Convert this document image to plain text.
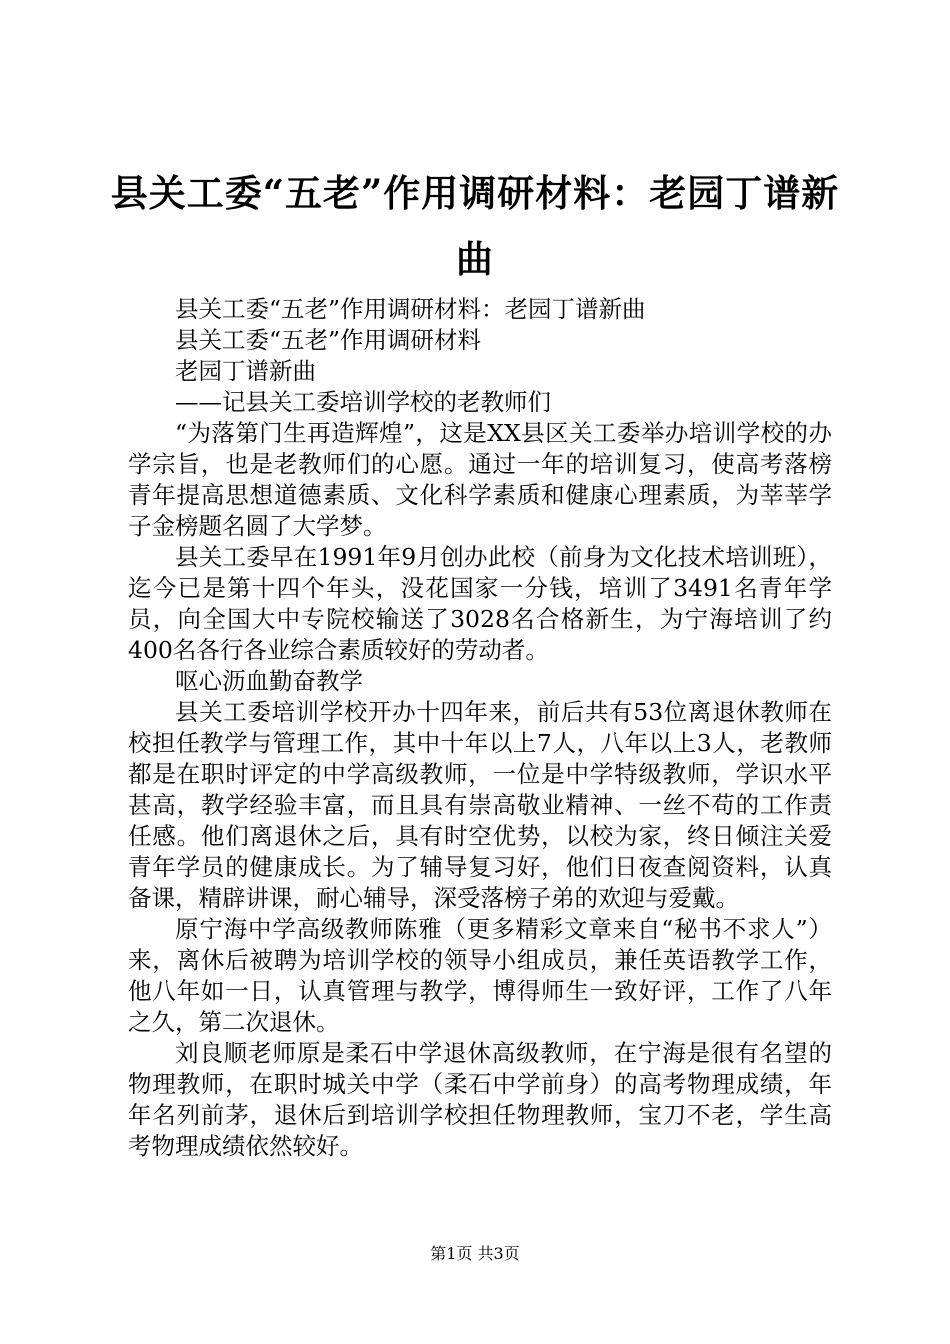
县关工委“五老”作用调研材料：老园丁谱新曲

县关工委“五老”作用调研材料：老园丁谱新曲

县关工委“五老”作用调研材料

老园丁谱新曲

——记县关工委培训学校的老教师们

“为落第门生再造辉煌”，这是XX县区关工委举办培训学校的办学宗旨，也是老教师们的心愿。通过一年的培训复习，使高考落榜青年提高思想道德素质、文化科学素质和健康心理素质，为莘莘学子金榜题名圆了大学梦。

县关工委早在1991年9月创办此校（前身为文化技术培训班），迄今已是第十四个年头，没花国家一分钱，培训了3491名青年学员，向全国大中专院校输送了3028名合格新生，为宁海培训了约400名各行各业综合素质较好的劳动者。

呕心沥血勤奋教学

县关工委培训学校开办十四年来，前后共有53位离退休教师在校担任教学与管理工作，其中十年以上7人，八年以上3人，老教师都是在职时评定的中学高级教师，一位是中学特级教师，学识水平甚高，教学经验丰富，而且具有崇高敬业精神、一丝不苟的工作责任感。他们离退休之后，具有时空优势，以校为家，终日倾注关爱青年学员的健康成长。为了辅导复习好，他们日夜查阅资料，认真备课，精辟讲课，耐心辅导，深受落榜子弟的欢迎与爱戴。

原宁海中学高级教师陈雅（更多精彩文章来自“秘书不求人”）来，离休后被聘为培训学校的领导小组成员，兼任英语教学工作，他八年如一日，认真管理与教学，博得师生一致好评，工作了八年之久，第二次退休。

刘良顺老师原是柔石中学退休高级教师，在宁海是很有名望的物理教师，在职时城关中学（柔石中学前身）的高考物理成绩，年年名列前茅，退休后到培训学校担任物理教师，宝刀不老，学生高考物理成绩依然较好。

第1页 共3页
